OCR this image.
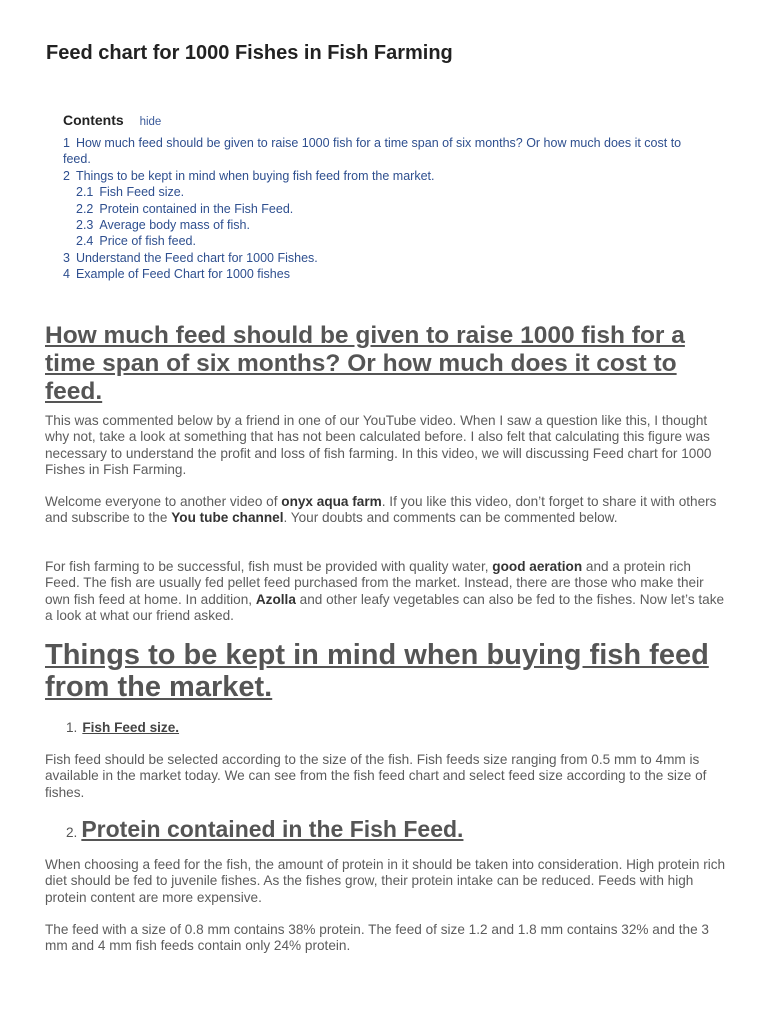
Feed chart for 1000 Fishes in Fish Farming
Contents hide
1 How much feed should be given to raise 1000 fish for a time span of six months? Or how much does it cost to feed.
2 Things to be kept in mind when buying fish feed from the market.
2.1 Fish Feed size.
2.2 Protein contained in the Fish Feed.
2.3 Average body mass of fish.
2.4 Price of fish feed.
3 Understand the Feed chart for 1000 Fishes.
4 Example of Feed Chart for 1000 fishes
How much feed should be given to raise 1000 fish for a time span of six months? Or how much does it cost to feed.

This was commented below by a friend in one of our YouTube video. When I saw a question like this, I thought why not, take a look at something that has not been calculated before. I also felt that calculating this figure was necessary to understand the profit and loss of fish farming. In this video, we will discussing Feed chart for 1000 Fishes in Fish Farming.

Welcome everyone to another video of onyx aqua farm. If you like this video, don’t forget to share it with others and subscribe to the You tube channel. Your doubts and comments can be commented below.

For fish farming to be successful, fish must be provided with quality water, good aeration and a protein rich Feed. The fish are usually fed pellet feed purchased from the market. Instead, there are those who make their own fish feed at home. In addition, Azolla and other leafy vegetables can also be fed to the fishes. Now let’s take a look at what our friend asked.

Things to be kept in mind when buying fish feed from the market.
1. Fish Feed size.

Fish feed should be selected according to the size of the fish. Fish feeds size ranging from 0.5 mm to 4mm is available in the market today. We can see from the fish feed chart and select feed size according to the size of fishes.

2. Protein contained in the Fish Feed.

When choosing a feed for the fish, the amount of protein in it should be taken into consideration. High protein rich diet should be fed to juvenile fishes. As the fishes grow, their protein intake can be reduced. Feeds with high protein content are more expensive.

The feed with a size of 0.8 mm contains 38% protein. The feed of size 1.2 and 1.8 mm contains 32% and the 3 mm and 4 mm fish feeds contain only 24% protein.
